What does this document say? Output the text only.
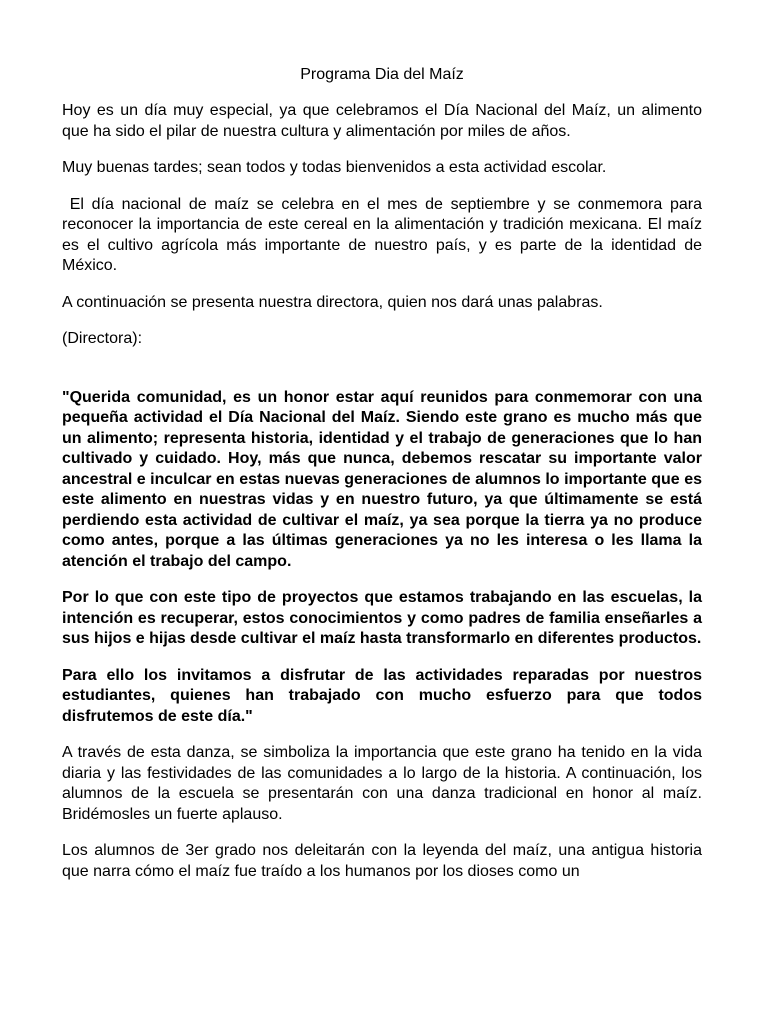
Programa Dia del Maíz

Hoy es un día muy especial, ya que celebramos el Día Nacional del Maíz, un alimento que ha sido el pilar de nuestra cultura y alimentación por miles de años.

Muy buenas tardes; sean todos y todas bienvenidos a esta actividad escolar.

El día nacional de maíz se celebra en el mes de septiembre y se conmemora para reconocer la importancia de este cereal en la alimentación y tradición mexicana. El maíz es el cultivo agrícola más importante de nuestro país, y es parte de la identidad de México.

A continuación se presenta nuestra directora, quien nos dará unas palabras.

(Directora):

"Querida comunidad, es un honor estar aquí reunidos para conmemorar con una pequeña actividad el Día Nacional del Maíz. Siendo este grano es mucho más que un alimento; representa historia, identidad y el trabajo de generaciones que lo han cultivado y cuidado. Hoy, más que nunca, debemos rescatar su importante valor ancestral e inculcar en estas nuevas generaciones de alumnos lo importante que es este alimento en nuestras vidas y en nuestro futuro, ya que últimamente se está perdiendo esta actividad de cultivar el maíz, ya sea porque la tierra ya no produce como antes, porque a las últimas generaciones ya no les interesa o les llama la atención el trabajo del campo.

Por lo que con este tipo de proyectos que estamos trabajando en las escuelas, la intención es recuperar, estos conocimientos y como padres de familia enseñarles a sus hijos e hijas desde cultivar el maíz hasta transformarlo en diferentes productos.

Para ello los invitamos a disfrutar de las actividades reparadas por nuestros estudiantes, quienes han trabajado con mucho esfuerzo para que todos disfrutemos de este día."

A través de esta danza, se simboliza la importancia que este grano ha tenido en la vida diaria y las festividades de las comunidades a lo largo de la historia. A continuación, los alumnos de la escuela se presentarán con una danza tradicional en honor al maíz. Bridémosles un fuerte aplauso.

Los alumnos de 3er grado nos deleitarán con la leyenda del maíz, una antigua historia que narra cómo el maíz fue traído a los humanos por los dioses como un
